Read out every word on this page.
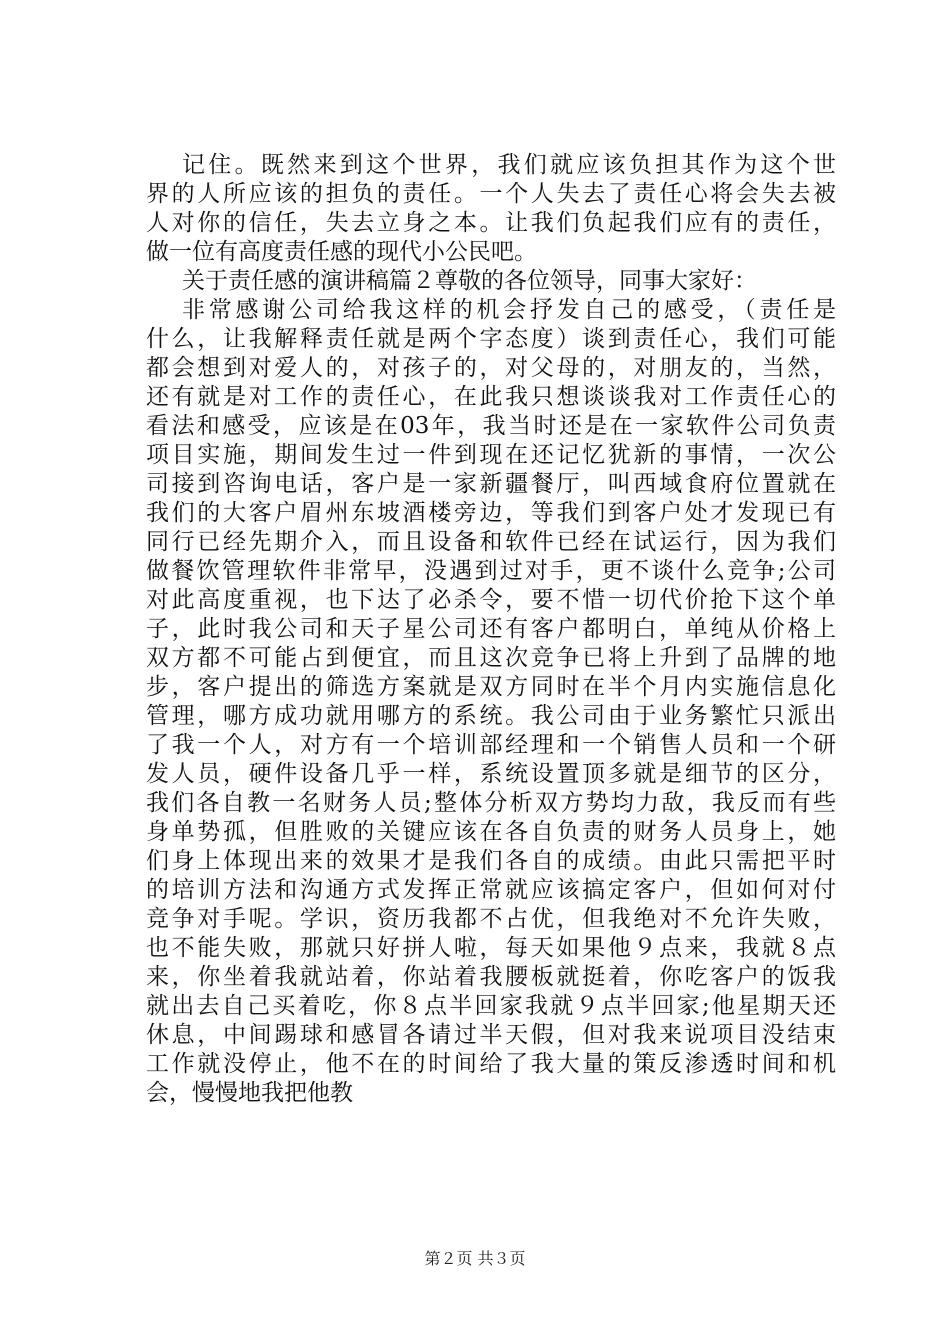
记住。既然来到这个世界，我们就应该负担其作为这个世
界的人所应该的担负的责任。一个人失去了责任心将会失去被
人对你的信任，失去立身之本。让我们负起我们应有的责任，
做一位有高度责任感的现代小公民吧。
关于责任感的演讲稿篇２尊敬的各位领导，同事大家好：
非常感谢公司给我这样的机会抒发自己的感受，（责任是
什么，让我解释责任就是两个字态度）谈到责任心，我们可能
都会想到对爱人的，对孩子的，对父母的，对朋友的，当然，
还有就是对工作的责任心，在此我只想谈谈我对工作责任心的
看法和感受，应该是在03年，我当时还是在一家软件公司负责
项目实施，期间发生过一件到现在还记忆犹新的事情，一次公
司接到咨询电话，客户是一家新疆餐厅，叫西域食府位置就在
我们的大客户眉州东坡酒楼旁边，等我们到客户处才发现已有
同行已经先期介入，而且设备和软件已经在试运行，因为我们
做餐饮管理软件非常早，没遇到过对手，更不谈什么竞争;公司
对此高度重视，也下达了必杀令，要不惜一切代价抢下这个单
子，此时我公司和天子星公司还有客户都明白，单纯从价格上
双方都不可能占到便宜，而且这次竞争已将上升到了品牌的地
步，客户提出的筛选方案就是双方同时在半个月内实施信息化
管理，哪方成功就用哪方的系统。我公司由于业务繁忙只派出
了我一个人，对方有一个培训部经理和一个销售人员和一个研
发人员，硬件设备几乎一样，系统设置顶多就是细节的区分，
我们各自教一名财务人员;整体分析双方势均力敌，我反而有些
身单势孤，但胜败的关键应该在各自负责的财务人员身上，她
们身上体现出来的效果才是我们各自的成绩。由此只需把平时
的培训方法和沟通方式发挥正常就应该搞定客户，但如何对付
竞争对手呢。学识，资历我都不占优，但我绝对不允许失败，
也不能失败，那就只好拼人啦，每天如果他９点来，我就８点
来，你坐着我就站着，你站着我腰板就挺着，你吃客户的饭我
就出去自己买着吃，你８点半回家我就９点半回家;他星期天还
休息，中间踢球和感冒各请过半天假，但对我来说项目没结束
工作就没停止，他不在的时间给了我大量的策反渗透时间和机
会，慢慢地我把他教
第２页 共３页
